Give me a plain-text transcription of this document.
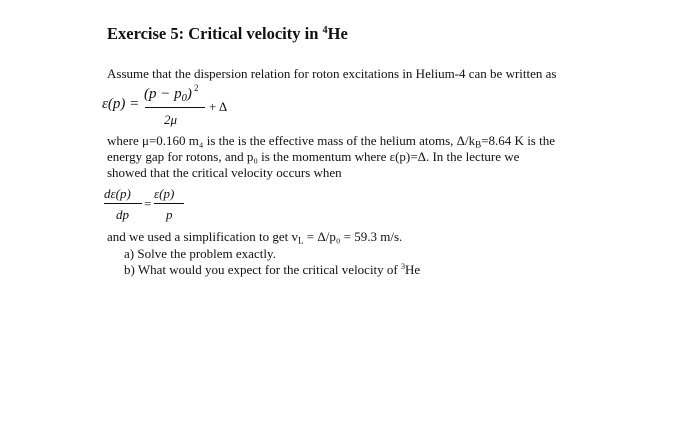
Exercise 5: Critical velocity in $^4$He
Assume that the dispersion relation for roton excitations in Helium-4 can be written as
ε(p) =
$(p - p_0)$ 2
2μ
+ Δ
where μ=0.160 m₄ is the is the effective mass of the helium atoms, $\Delta/k_B=8.64$ K is the
energy gap for rotons, and p₀ is the momentum where ε(p)=Δ. In the lecture we
showed that the critical velocity occurs when
dε(p)
dp
=
ε(p)
p
and we used a simplification to get $v_L = \Delta/p_0 = 59.3$ m/s.
a) Solve the problem exactly.
b) What would you expect for the critical velocity of $^3$He
